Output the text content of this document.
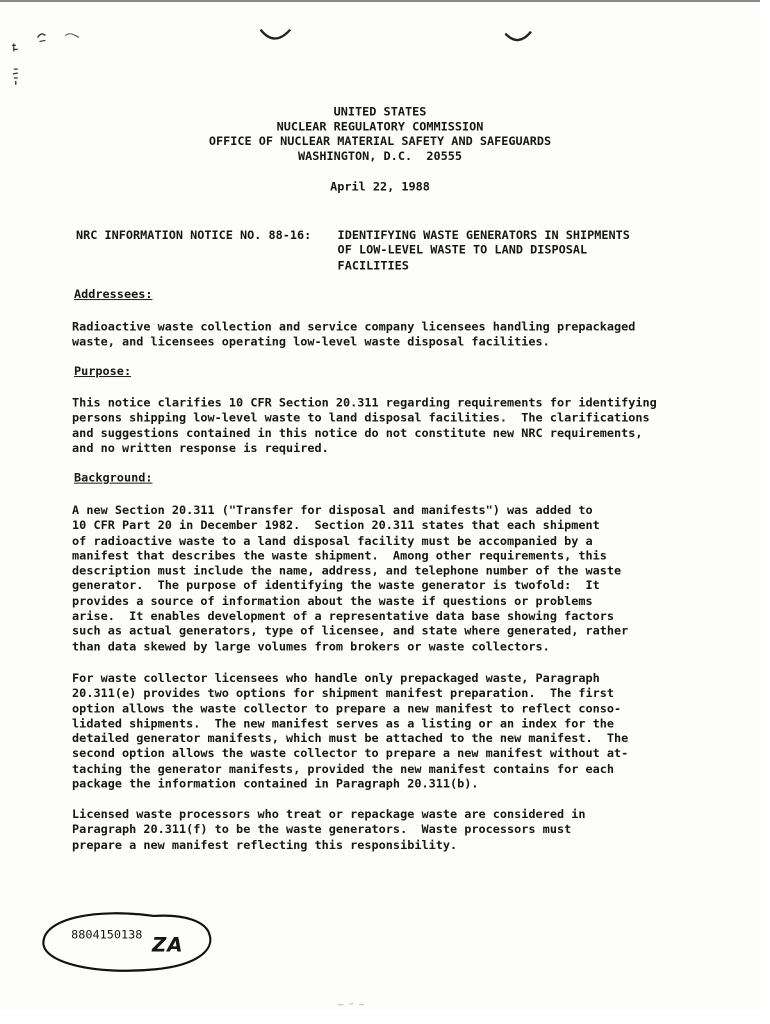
UNITED STATES
NUCLEAR REGULATORY COMMISSION
OFFICE OF NUCLEAR MATERIAL SAFETY AND SAFEGUARDS
WASHINGTON, D.C.  20555
April 22, 1988
NRC INFORMATION NOTICE NO. 88-16: IDENTIFYING WASTE GENERATORS IN SHIPMENTS
OF LOW-LEVEL WASTE TO LAND DISPOSAL
FACILITIES
Addressees:
Radioactive waste collection and service company licensees handling prepackaged
waste, and licensees operating low-level waste disposal facilities.
Purpose:
This notice clarifies 10 CFR Section 20.311 regarding requirements for identifying
persons shipping low-level waste to land disposal facilities.  The clarifications
and suggestions contained in this notice do not constitute new NRC requirements,
and no written response is required.
Background:
A new Section 20.311 ("Transfer for disposal and manifests") was added to
10 CFR Part 20 in December 1982.  Section 20.311 states that each shipment
of radioactive waste to a land disposal facility must be accompanied by a
manifest that describes the waste shipment.  Among other requirements, this
description must include the name, address, and telephone number of the waste
generator.  The purpose of identifying the waste generator is twofold:  It
provides a source of information about the waste if questions or problems
arise.  It enables development of a representative data base showing factors
such as actual generators, type of licensee, and state where generated, rather
than data skewed by large volumes from brokers or waste collectors.
For waste collector licensees who handle only prepackaged waste, Paragraph
20.311(e) provides two options for shipment manifest preparation.  The first
option allows the waste collector to prepare a new manifest to reflect conso-
lidated shipments.  The new manifest serves as a listing or an index for the
detailed generator manifests, which must be attached to the new manifest.  The
second option allows the waste collector to prepare a new manifest without at-
taching the generator manifests, provided the new manifest contains for each
package the information contained in Paragraph 20.311(b).
Licensed waste processors who treat or repackage waste are considered in
Paragraph 20.311(f) to be the waste generators.  Waste processors must
prepare a new manifest reflecting this responsibility.
8804150138 ZA
